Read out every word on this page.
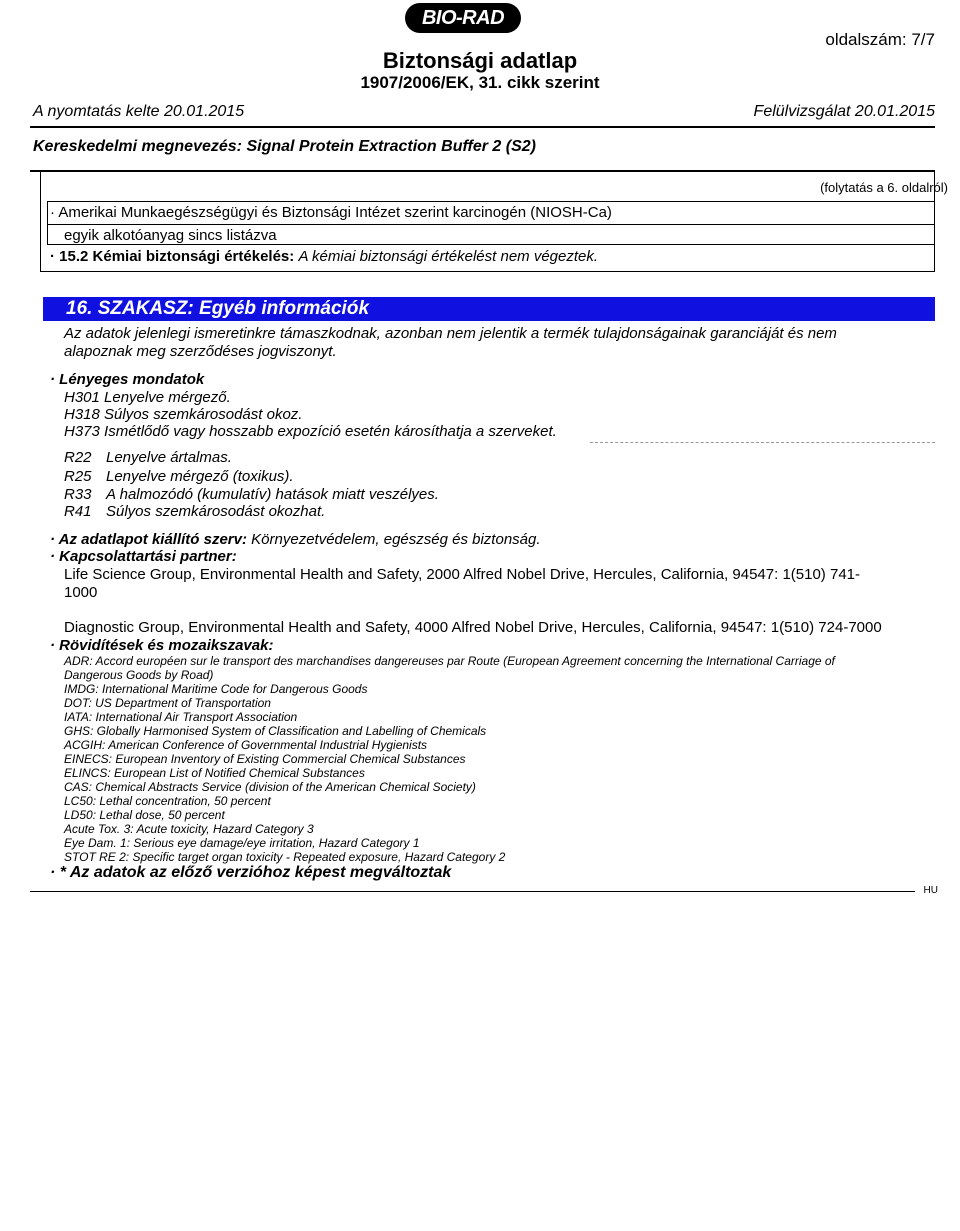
BIO-RAD
oldalszám: 7/7
Biztonsági adatlap
1907/2006/EK, 31. cikk szerint
A nyomtatás kelte 20.01.2015	Felülvizsgálat 20.01.2015
Kereskedelmi megnevezés: Signal Protein Extraction Buffer 2 (S2)
(folytatás a 6. oldalról)
· Amerikai Munkaegészségügyi és Biztonsági Intézet szerint karcinogén (NIOSH-Ca)
egyik alkotóanyag sincs listázva
· 15.2 Kémiai biztonsági értékelés: A kémiai biztonsági értékelést nem végeztek.
16. SZAKASZ: Egyéb információk
Az adatok jelenlegi ismeretinkre támaszkodnak, azonban nem jelentik a termék tulajdonságainak garanciáját és nem
alapoznak meg szerződéses jogviszonyt.
· Lényeges mondatok
H301 Lenyelve mérgező.
H318 Súlyos szemkárosodást okoz.
H373 Ismétlődő vagy hosszabb expozíció esetén károsíthatja a szerveket.
R22 Lenyelve ártalmas.
R25 Lenyelve mérgező (toxikus).
R33 A halmozódó (kumulatív) hatások miatt veszélyes.
R41 Súlyos szemkárosodást okozhat.
· Az adatlapot kiállító szerv: Környezetvédelem, egészség és biztonság.
· Kapcsolattartási partner:
Life Science Group, Environmental Health and Safety, 2000 Alfred Nobel Drive, Hercules, California, 94547: 1(510) 741-
1000
Diagnostic Group, Environmental Health and Safety, 4000 Alfred Nobel Drive, Hercules, California, 94547: 1(510) 724-7000
· Rövidítések és mozaikszavak:
ADR: Accord européen sur le transport des marchandises dangereuses par Route (European Agreement concerning the International Carriage of
Dangerous Goods by Road)
IMDG: International Maritime Code for Dangerous Goods
DOT: US Department of Transportation
IATA: International Air Transport Association
GHS: Globally Harmonised System of Classification and Labelling of Chemicals
ACGIH: American Conference of Governmental Industrial Hygienists
EINECS: European Inventory of Existing Commercial Chemical Substances
ELINCS: European List of Notified Chemical Substances
CAS: Chemical Abstracts Service (division of the American Chemical Society)
LC50: Lethal concentration, 50 percent
LD50: Lethal dose, 50 percent
Acute Tox. 3: Acute toxicity, Hazard Category 3
Eye Dam. 1: Serious eye damage/eye irritation, Hazard Category 1
STOT RE 2: Specific target organ toxicity - Repeated exposure, Hazard Category 2
· * Az adatok az előző verzióhoz képest megváltoztak
HU
